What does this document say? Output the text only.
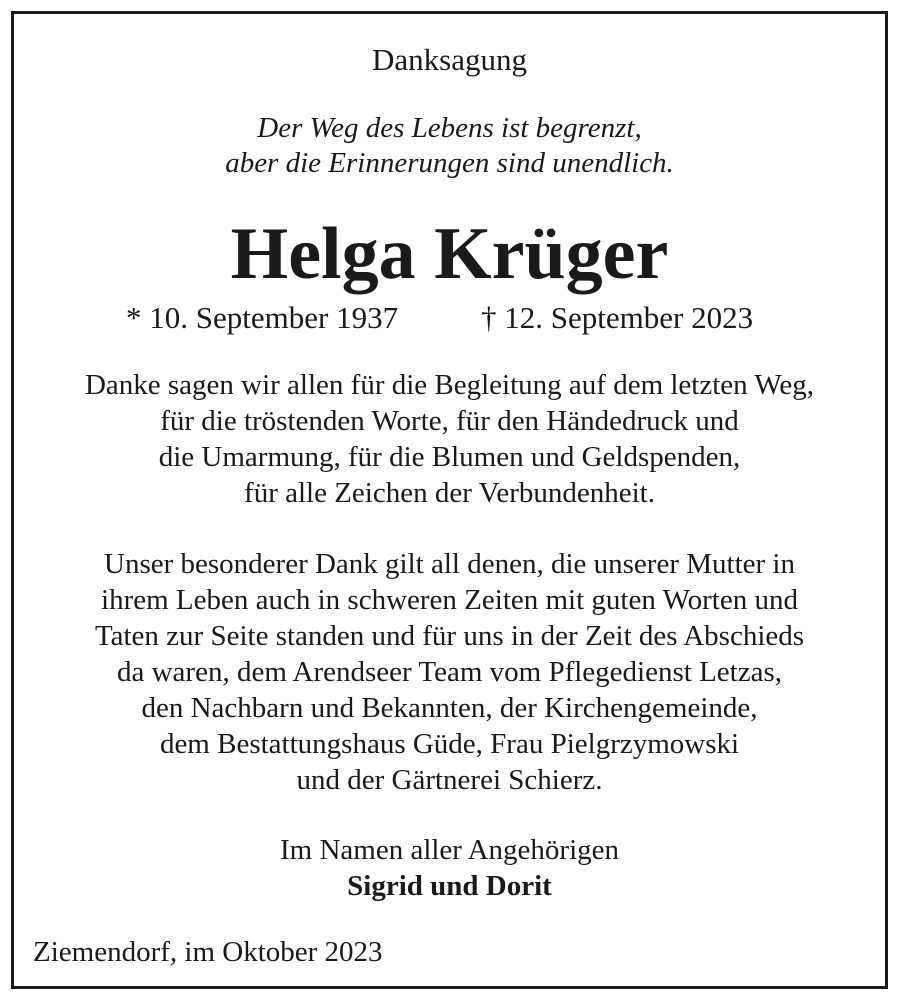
Danksagung
Der Weg des Lebens ist begrenzt,
aber die Erinnerungen sind unendlich.
Helga Krüger
* 10. September 1937	† 12. September 2023
Danke sagen wir allen für die Begleitung auf dem letzten Weg,
für die tröstenden Worte, für den Händedruck und
die Umarmung, für die Blumen und Geldspenden,
für alle Zeichen der Verbundenheit.
Unser besonderer Dank gilt all denen, die unserer Mutter in
ihrem Leben auch in schweren Zeiten mit guten Worten und
Taten zur Seite standen und für uns in der Zeit des Abschieds
da waren, dem Arendseer Team vom Pflegedienst Letzas,
den Nachbarn und Bekannten, der Kirchengemeinde,
dem Bestattungshaus Güde, Frau Pielgrzymowski
und der Gärtnerei Schierz.
Im Namen aller Angehörigen
Sigrid und Dorit
Ziemendorf, im Oktober 2023
